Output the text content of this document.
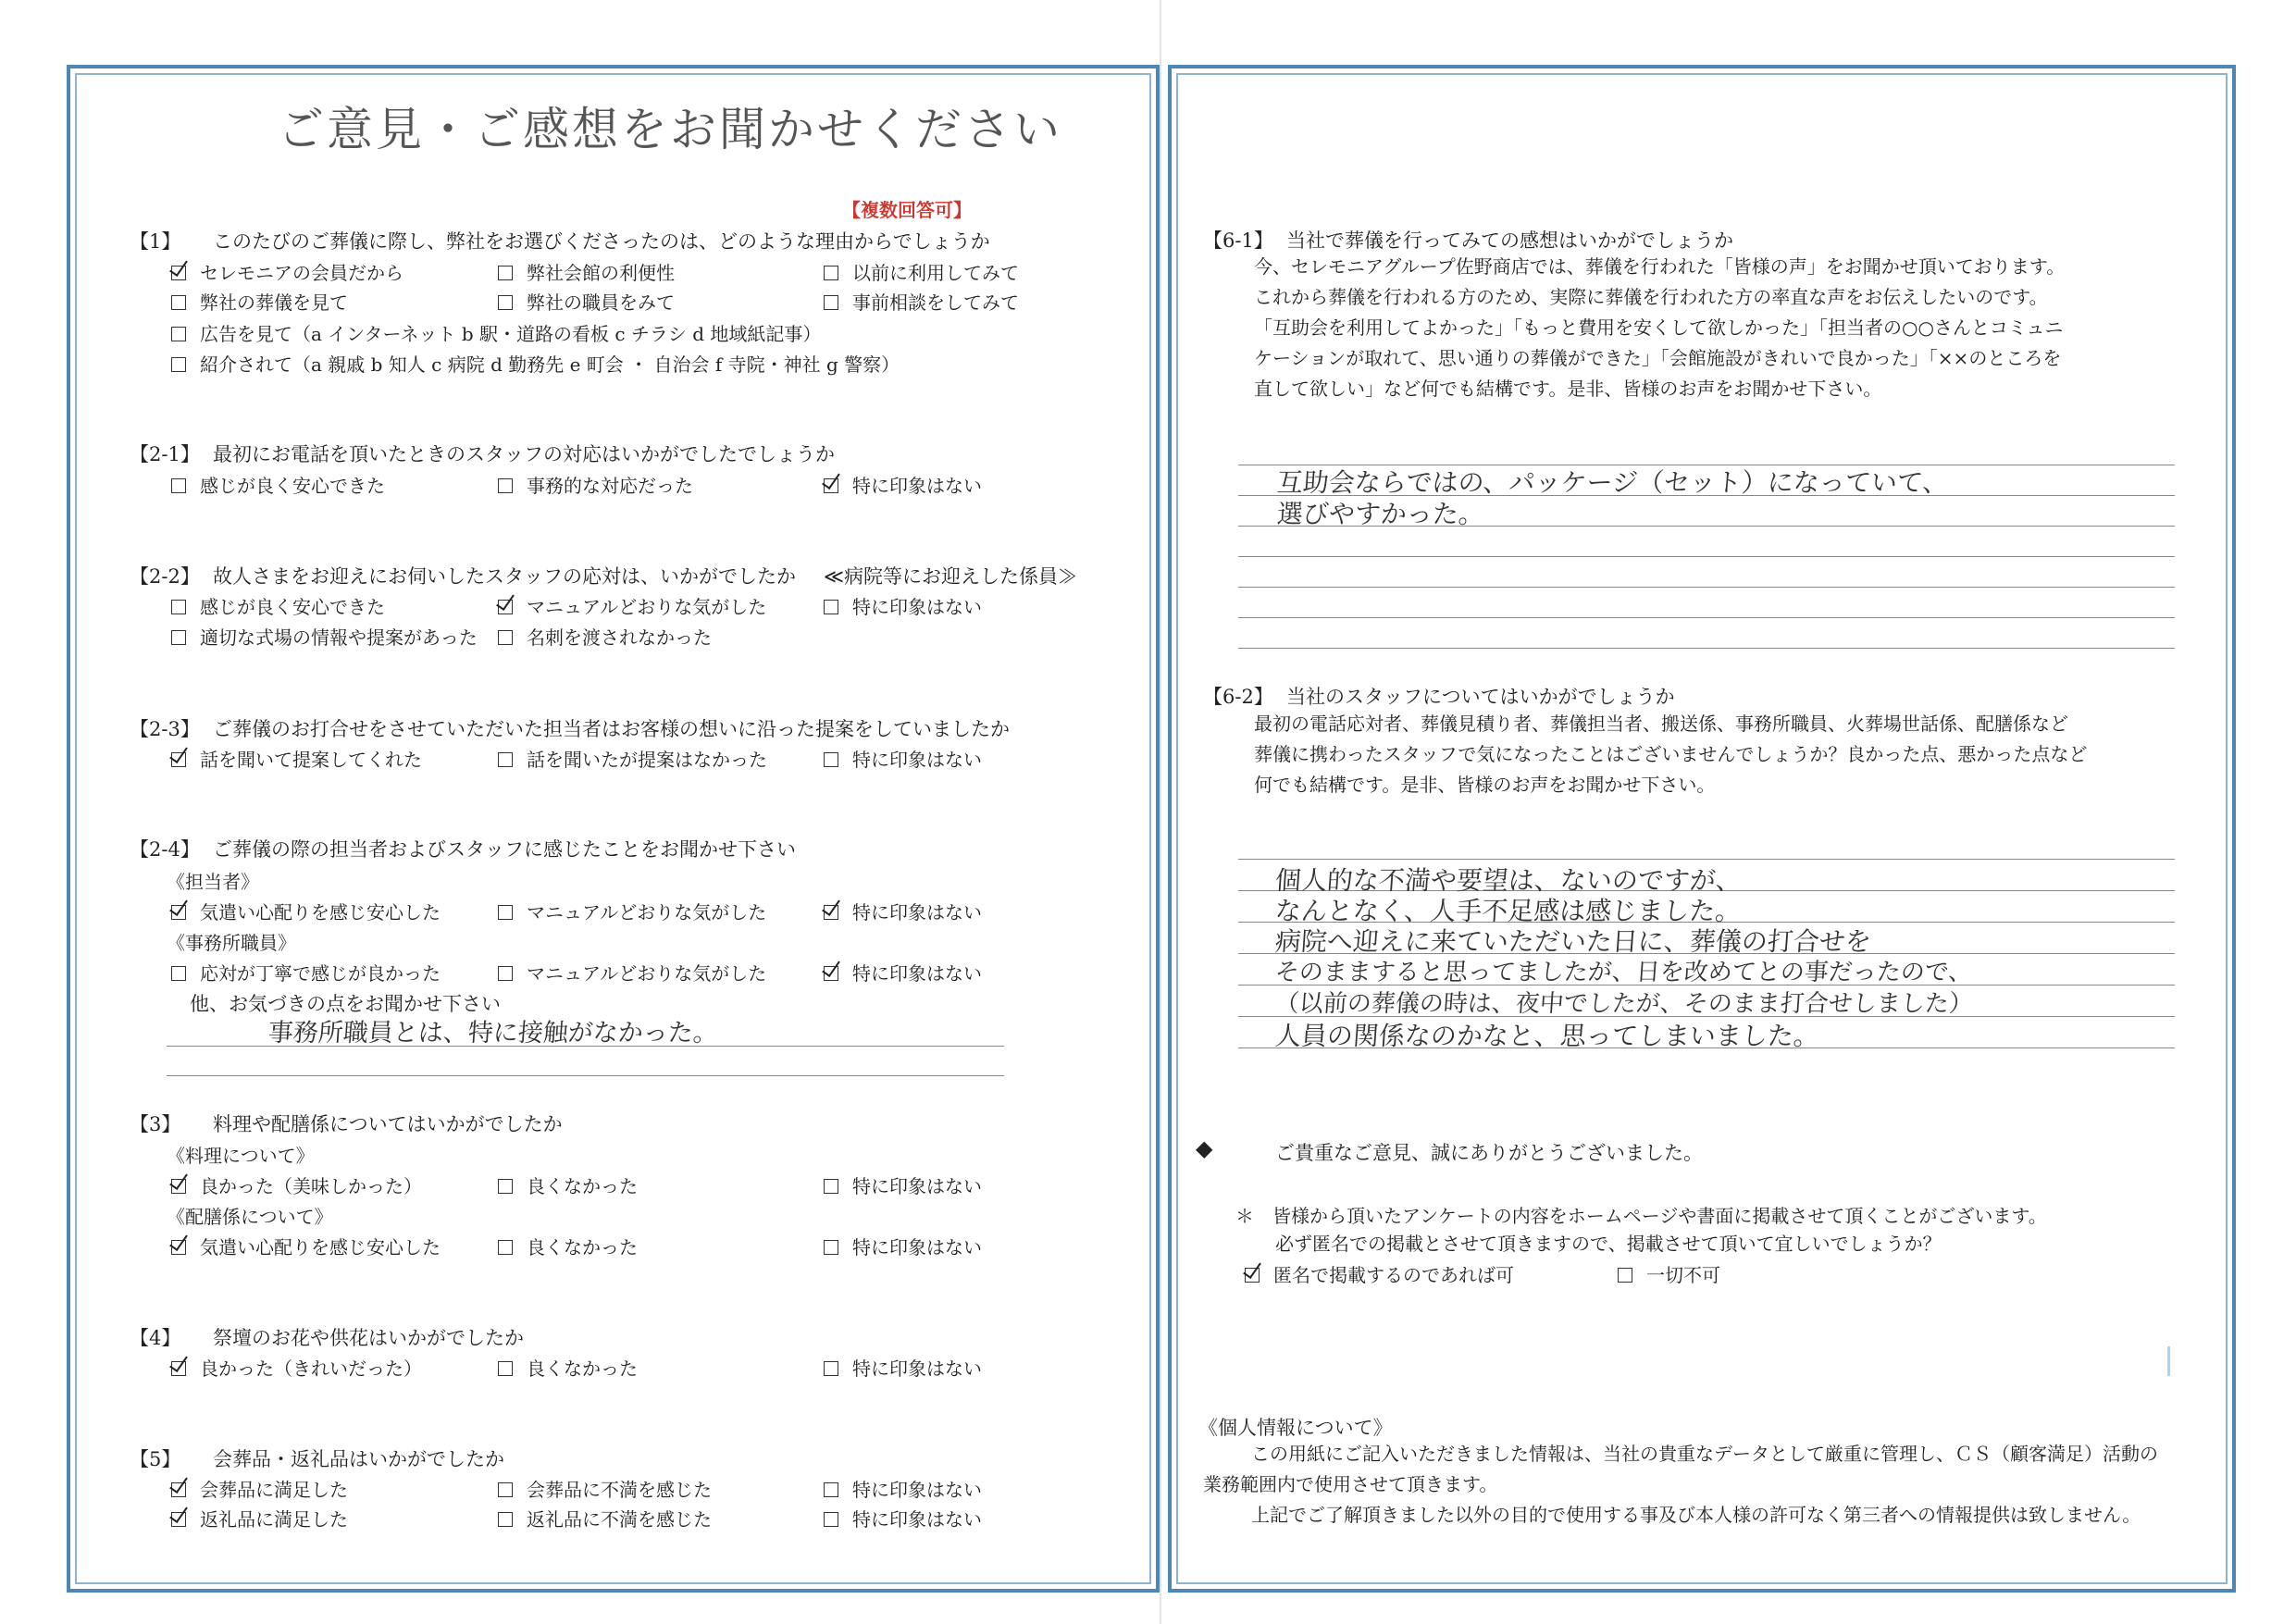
ご意見・ご感想をお聞かせください
【複数回答可】
【1】 このたびのご葬儀に際し、弊社をお選びくださったのは、どのような理由からでしょうか
セレモニアの会員だから	弊社会館の利便性	以前に利用してみて
弊社の葬儀を見て	弊社の職員をみて	事前相談をしてみて
広告を見て（a インターネット b 駅・道路の看板 c チラシ d 地域紙記事）
紹介されて（a 親戚 b 知人 c 病院 d 勤務先 e 町会 ・ 自治会 f 寺院・神社 g 警察）
【2-1】 最初にお電話を頂いたときのスタッフの対応はいかがでしたでしょうか
感じが良く安心できた	事務的な対応だった	特に印象はない
【2-2】 故人さまをお迎えにお伺いしたスタッフの応対は、いかがでしたか ≪病院等にお迎えした係員≫
感じが良く安心できた	マニュアルどおりな気がした	特に印象はない
適切な式場の情報や提案があった	名刺を渡されなかった
【2-3】 ご葬儀のお打合せをさせていただいた担当者はお客様の想いに沿った提案をしていましたか
話を聞いて提案してくれた	話を聞いたが提案はなかった	特に印象はない
【2-4】 ご葬儀の際の担当者およびスタッフに感じたことをお聞かせ下さい
《担当者》
気遣い心配りを感じ安心した	マニュアルどおりな気がした	特に印象はない
《事務所職員》
応対が丁寧で感じが良かった	マニュアルどおりな気がした	特に印象はない
他、お気づきの点をお聞かせ下さい
事務所職員とは、特に接触がなかった。
【3】 料理や配膳係についてはいかがでしたか
《料理について》
良かった（美味しかった）	良くなかった	特に印象はない
《配膳係について》
気遣い心配りを感じ安心した	良くなかった	特に印象はない
【4】 祭壇のお花や供花はいかがでしたか
良かった（きれいだった）	良くなかった	特に印象はない
【5】 会葬品・返礼品はいかがでしたか
会葬品に満足した	会葬品に不満を感じた	特に印象はない
返礼品に満足した	返礼品に不満を感じた	特に印象はない
【6-1】 当社で葬儀を行ってみての感想はいかがでしょうか
今、セレモニアグループ佐野商店では、葬儀を行われた「皆様の声」をお聞かせ頂いております。
これから葬儀を行われる方のため、実際に葬儀を行われた方の率直な声をお伝えしたいのです。
「互助会を利用してよかった」「もっと費用を安くして欲しかった」「担当者の○○さんとコミュニ
ケーションが取れて、思い通りの葬儀ができた」「会館施設がきれいで良かった」「××のところを
直して欲しい」など何でも結構です。是非、皆様のお声をお聞かせ下さい。
互助会ならではの、パッケージ（セット）になっていて、
選びやすかった。
【6-2】 当社のスタッフについてはいかがでしょうか
最初の電話応対者、葬儀見積り者、葬儀担当者、搬送係、事務所職員、火葬場世話係、配膳係など
葬儀に携わったスタッフで気になったことはございませんでしょうか？良かった点、悪かった点など
何でも結構です。是非、皆様のお声をお聞かせ下さい。
個人的な不満や要望は、ないのですが、
なんとなく、人手不足感は感じました。
病院へ迎えに来ていただいた日に、葬儀の打合せを
そのまますると思ってましたが、日を改めてとの事だったので、
（以前の葬儀の時は、夜中でしたが、そのまま打合せしました）
人員の関係なのかなと、思ってしまいました。
◆	ご貴重なご意見、誠にありがとうございました。
＊　皆様から頂いたアンケートの内容をホームページや書面に掲載させて頂くことがございます。
必ず匿名での掲載とさせて頂きますので、掲載させて頂いて宜しいでしょうか？
匿名で掲載するのであれば可	一切不可
《個人情報について》
この用紙にご記入いただきました情報は、当社の貴重なデータとして厳重に管理し、ＣＳ（顧客満足）活動の
業務範囲内で使用させて頂きます。
上記でご了解頂きました以外の目的で使用する事及び本人様の許可なく第三者への情報提供は致しません。
